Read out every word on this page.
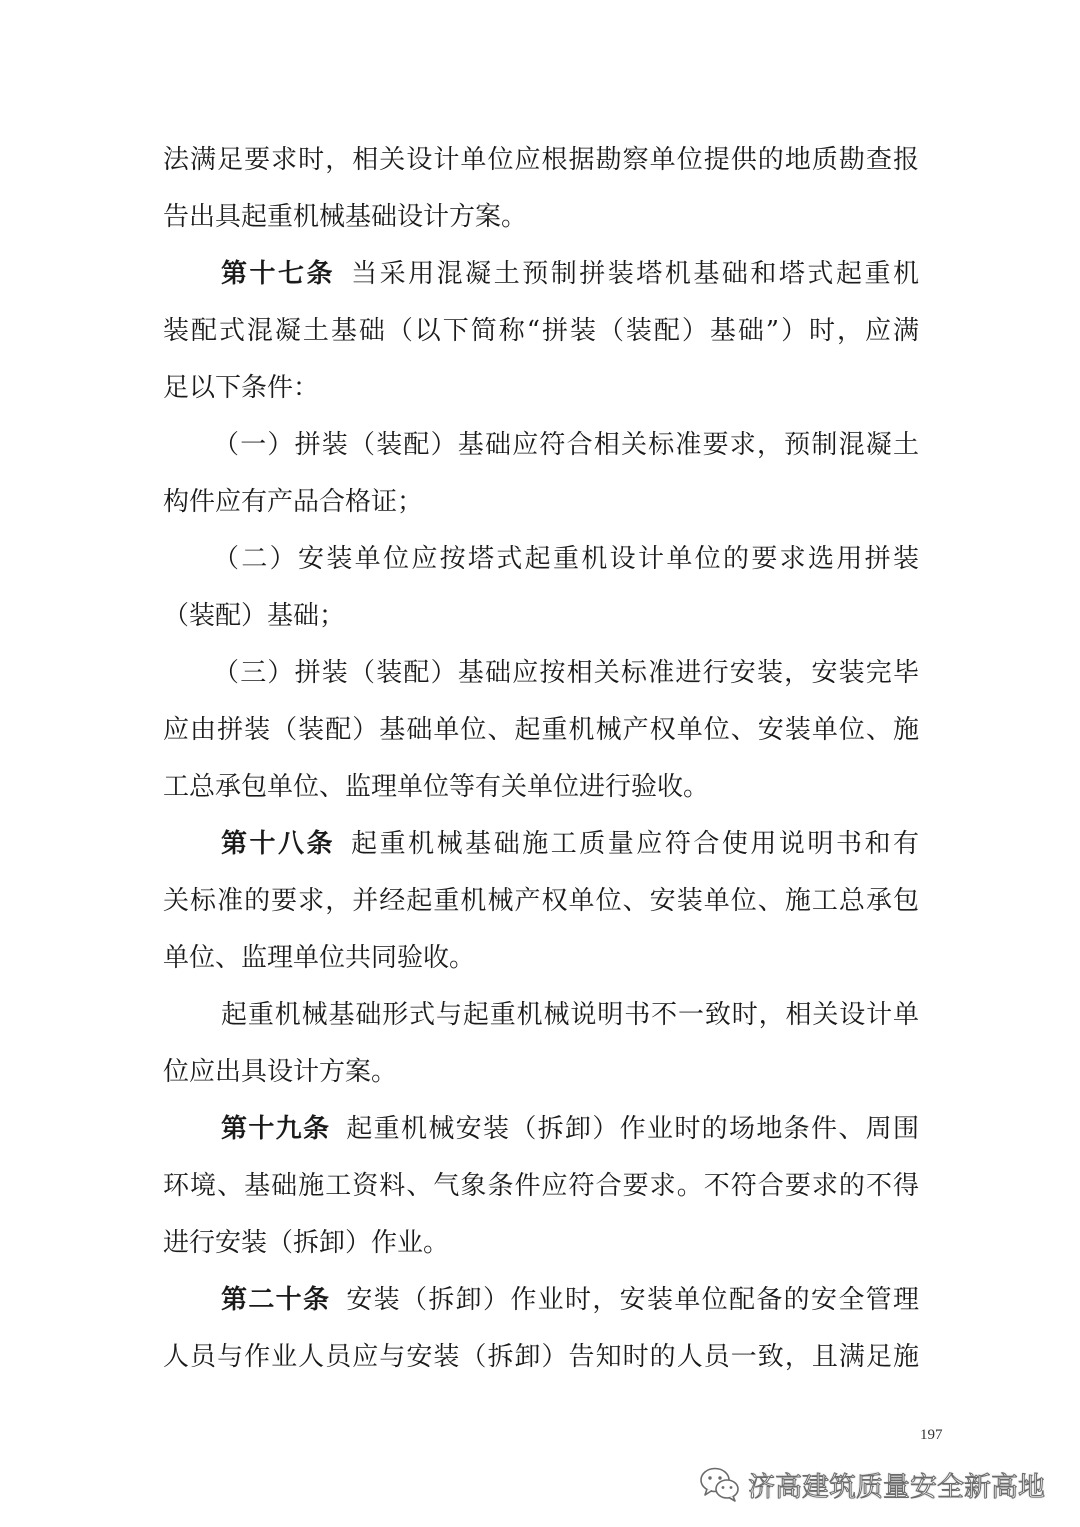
法满足要求时，相关设计单位应根据勘察单位提供的地质勘查报
告出具起重机械基础设计方案。
第十七条 当采用混凝土预制拼装塔机基础和塔式起重机
装配式混凝土基础（以下简称“拼装（装配）基础”）时，应满
足以下条件：
（一）拼装（装配）基础应符合相关标准要求，预制混凝土
构件应有产品合格证；
（二）安装单位应按塔式起重机设计单位的要求选用拼装
（装配）基础；
（三）拼装（装配）基础应按相关标准进行安装，安装完毕
应由拼装（装配）基础单位、起重机械产权单位、安装单位、施
工总承包单位、监理单位等有关单位进行验收。
第十八条 起重机械基础施工质量应符合使用说明书和有
关标准的要求，并经起重机械产权单位、安装单位、施工总承包
单位、监理单位共同验收。
起重机械基础形式与起重机械说明书不一致时，相关设计单
位应出具设计方案。
第十九条 起重机械安装（拆卸）作业时的场地条件、周围
环境、基础施工资料、气象条件应符合要求。不符合要求的不得
进行安装（拆卸）作业。
第二十条 安装（拆卸）作业时，安装单位配备的安全管理
人员与作业人员应与安装（拆卸）告知时的人员一致，且满足施
197
济高建筑质量安全新高地
